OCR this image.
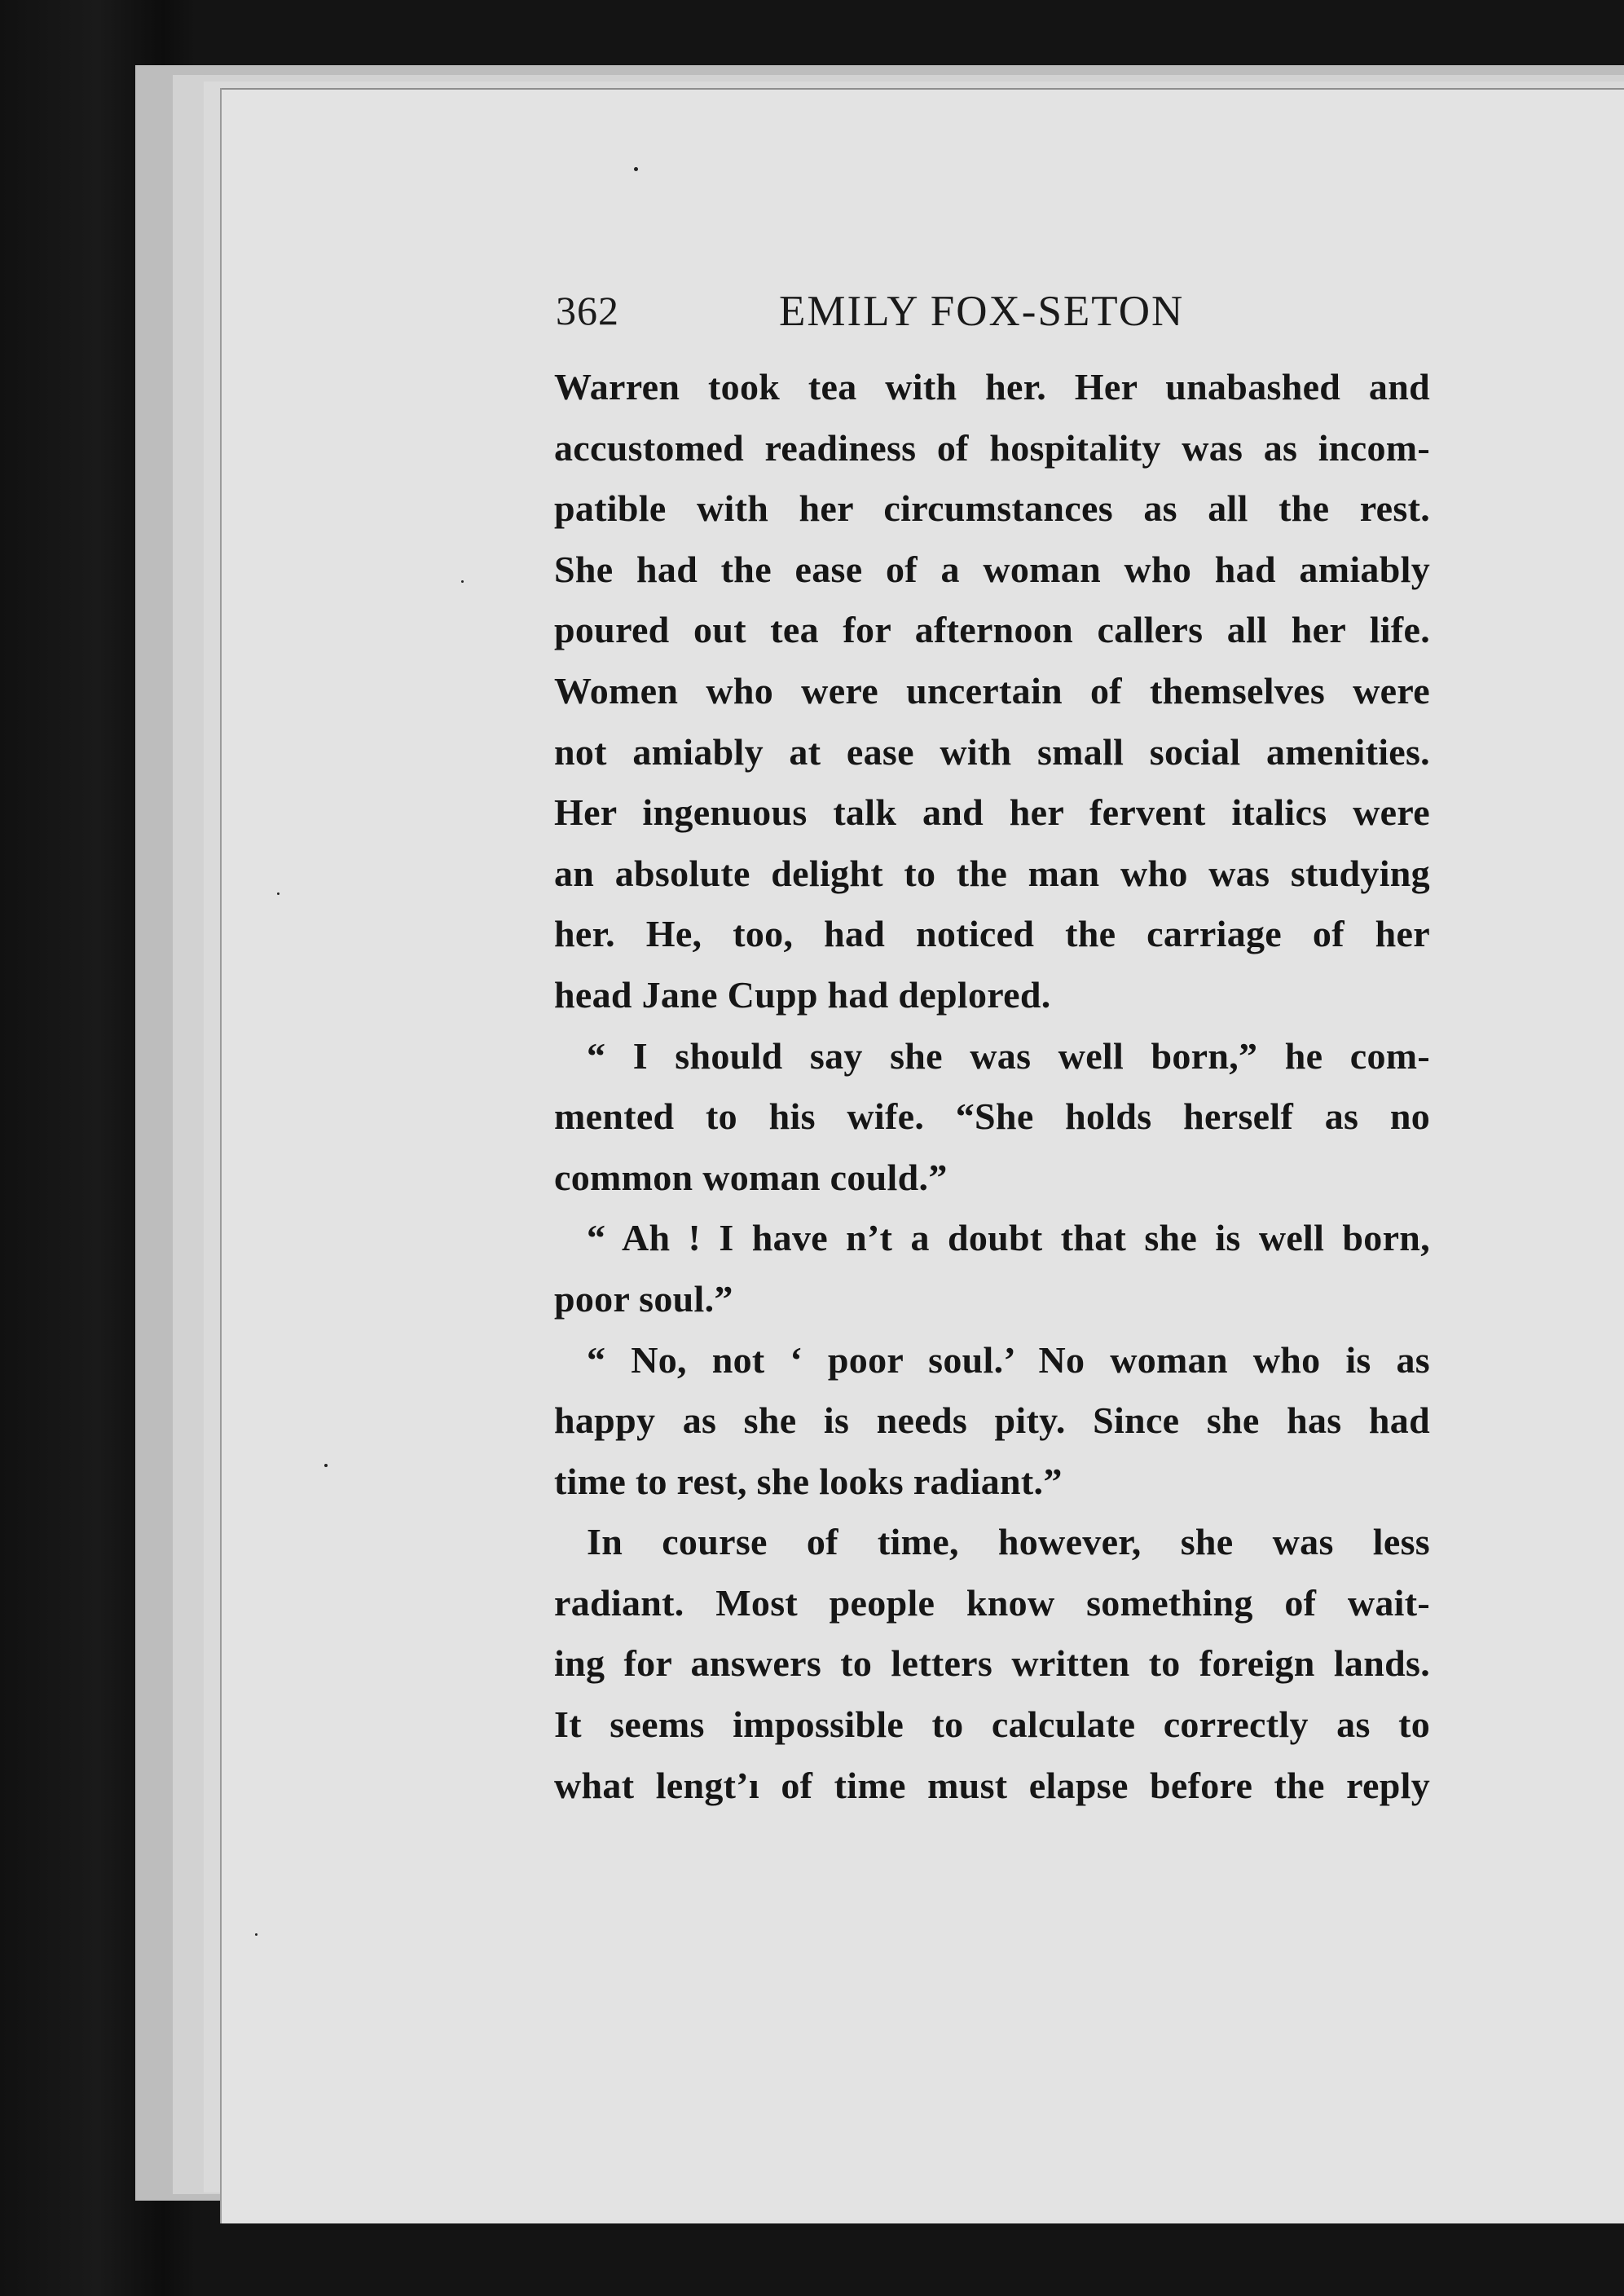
362	EMILY FOX-SETON

Warren took tea with her. Her unabashed and

accustomed readiness of hospitality was as incom-

patible with her circumstances as all the rest.

She had the ease of a woman who had amiably

poured out tea for afternoon callers all her life.

Women who were uncertain of themselves were

not amiably at ease with small social amenities.

Her ingenuous talk and her fervent italics were

an absolute delight to the man who was studying

her. He, too, had noticed the carriage of her

head Jane Cupp had deplored.

“ I should say she was well born,” he com-

mented to his wife. “She holds herself as no

common woman could.”

“ Ah ! I have n’t a doubt that she is well born,

poor soul.”

“ No, not ‘ poor soul.’ No woman who is as

happy as she is needs pity. Since she has had

time to rest, she looks radiant.”

In course of time, however, she was less

radiant. Most people know something of wait-

ing for answers to letters written to foreign lands.

It seems impossible to calculate correctly as to

what lengt’ı of time must elapse before the reply
